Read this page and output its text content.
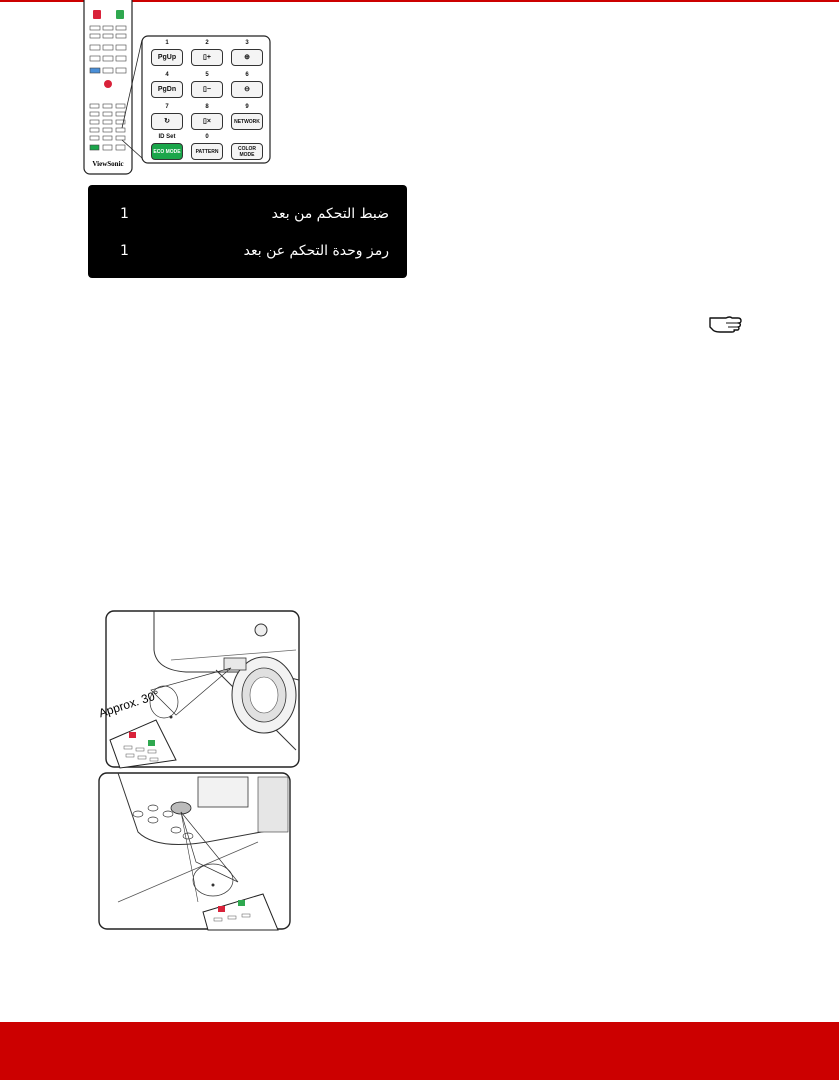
ViewSonic
1
PgUp
2
▯+
3
⊕
4
PgDn
5
▯−
6
⊖
7
↻
8
▯×
9
NETWORK
ID Set
ECO MODE
0
PATTERN	COLOR MODE
ضبط التحكم من بعد
1
رمز وحدة التحكم عن بعد
1
Approx. 30°
